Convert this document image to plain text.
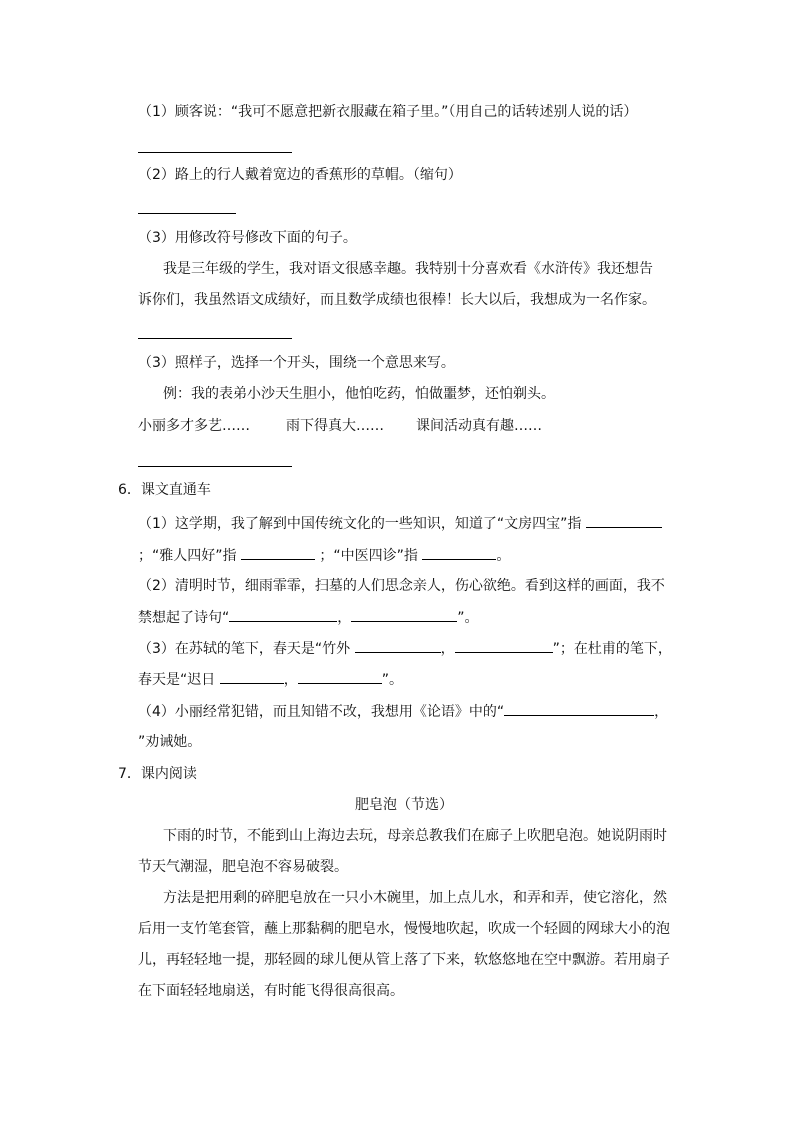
（1）顾客说：“我可不愿意把新衣服藏在箱子里。”（用自己的话转述别人说的话）
（2）路上的行人戴着宽边的香蕉形的草帽。（缩句）
（3）用修改符号修改下面的句子。
我是三年级的学生，我对语文很感幸趣。我特别十分喜欢看《水浒传》我还想告
诉你们，我虽然语文成绩好，而且数学成绩也很棒！长大以后，我想成为一名作家。
（3）照样子，选择一个开头，围绕一个意思来写。
例：我的表弟小沙天生胆小，他怕吃药，怕做噩梦，还怕剃头。
小丽多才多艺……	雨下得真大…… 课间活动真有趣……
6．课文直通车
（1）这学期，我了解到中国传统文化的一些知识，知道了“文房四宝”指
；“雅人四好”指	；“中医四诊”指	。
（2）清明时节，细雨霏霏，扫墓的人们思念亲人，伤心欲绝。看到这样的画面，我不
禁想起了诗句“	，	”。
（3）在苏轼的笔下，春天是“竹外	，	”；在杜甫的笔下，
春天是“迟日	，	”。
（4）小丽经常犯错，而且知错不改，我想用《论语》中的“	，
”劝诫她。
7．课内阅读
肥皂泡（节选）
下雨的时节，不能到山上海边去玩，母亲总教我们在廊子上吹肥皂泡。她说阴雨时
节天气潮湿，肥皂泡不容易破裂。
方法是把用剩的碎肥皂放在一只小木碗里，加上点儿水，和弄和弄，使它溶化，然
后用一支竹笔套管，蘸上那黏稠的肥皂水，慢慢地吹起，吹成一个轻圆的网球大小的泡
儿，再轻轻地一提，那轻圆的球儿便从管上落了下来，软悠悠地在空中飘游。若用扇子
在下面轻轻地扇送，有时能飞得很高很高。
